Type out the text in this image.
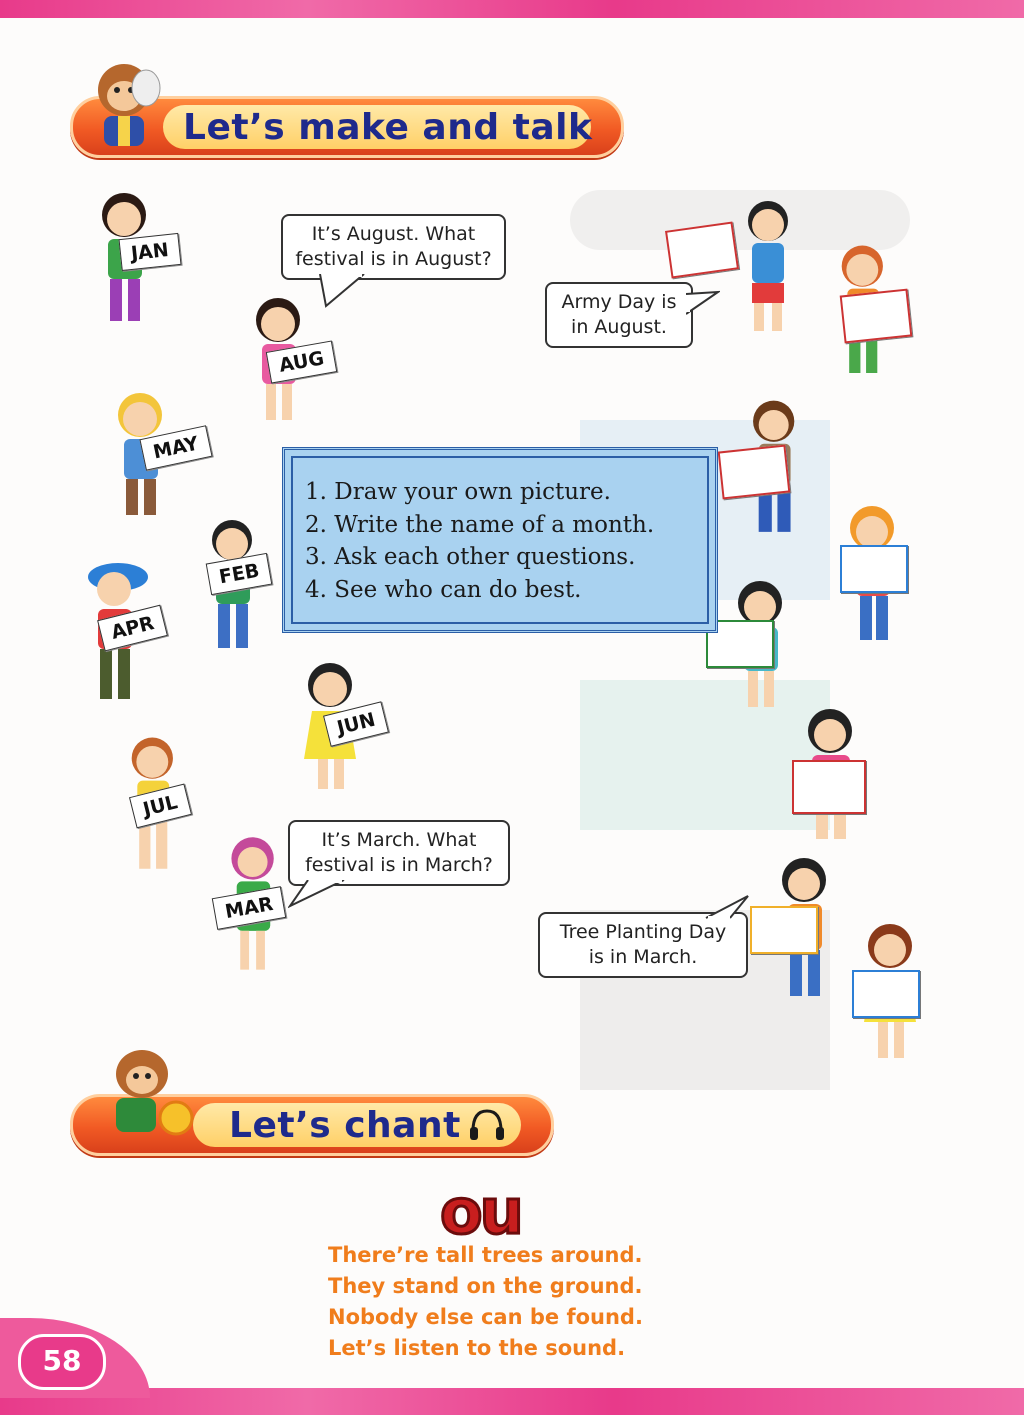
Let’s make and talk
JAN
AUG
MAY
FEB
APR
JUN
JUL
MAR
It’s August. What
festival is in August?
Army Day is
in August.
It’s March. What
festival is in March?
Tree Planting Day
is in March.
1. Draw your own picture.
2. Write the name of a month.
3. Ask each other questions.
4. See who can do best.
Let’s chant
ou
There’re tall trees around.
They stand on the ground.
Nobody else can be found.
Let’s listen to the sound.
58
